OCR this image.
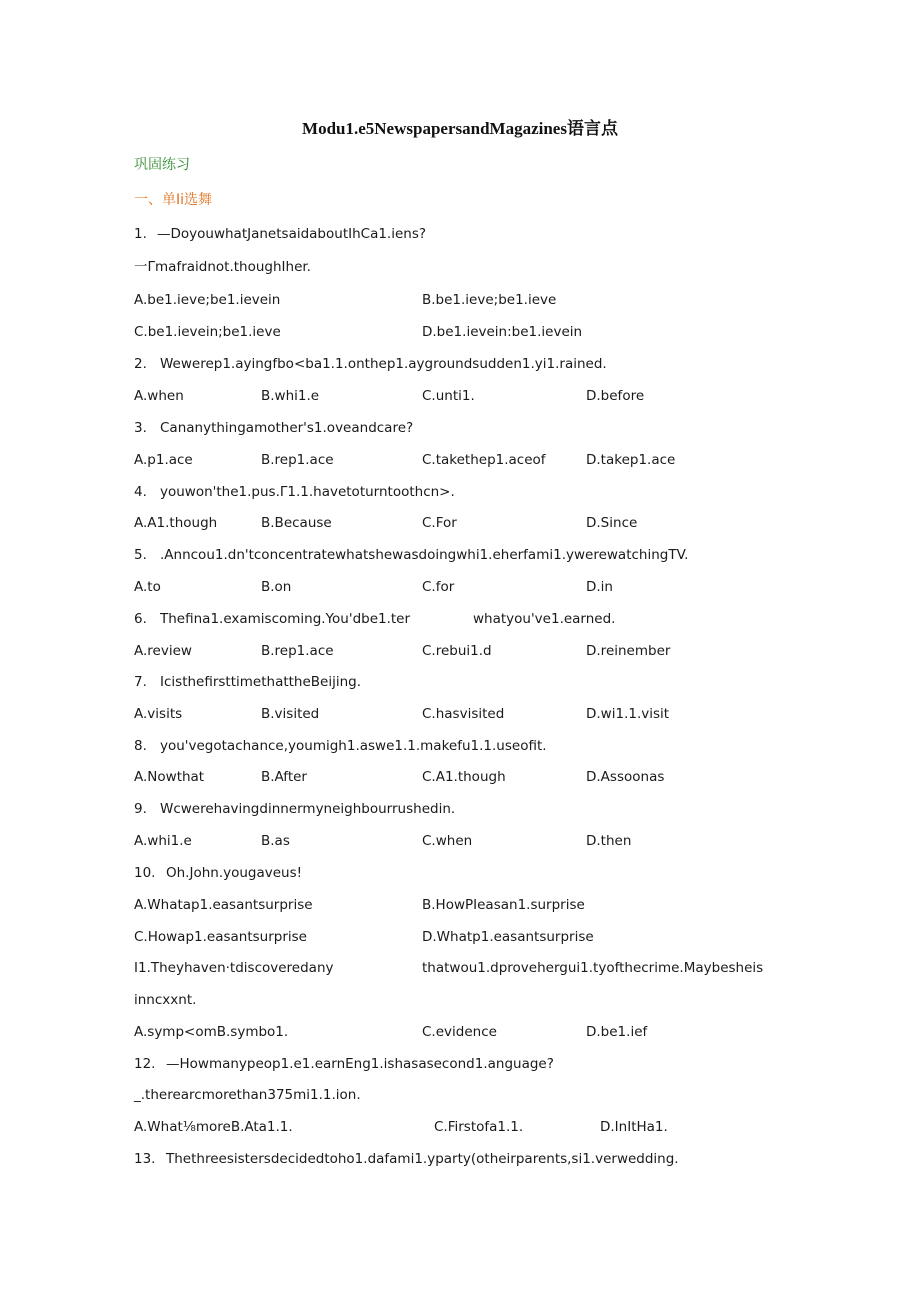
Modu1.e5NewspapersandMagazines语言点
巩固练习
一、单Ii选舞
1. —DoyouwhatJanetsaidaboutIhCa1.iens?
一Γmafraidnot.thoughIher.
A.be1.ieve;be1.ievein	B.be1.ieve;be1.ieve
C.be1.ievein;be1.ieve	D.be1.ievein:be1.ievein
2. Wewerep1.ayingfbo<ba1.1.onthep1.aygroundsudden1.yi1.rained.
A.when	B.whi1.e	C.unti1.	D.before
3. Cananythingamother's1.oveandcare?
A.p1.ace	B.rep1.ace	C.takethep1.aceof	D.takep1.ace
4. youwon'the1.pus.Γ1.1.havetoturntoothcn>.
A.A1.though	B.Because	C.For	D.Since
5. .Anncou1.dn'tconcentratewhatshewasdoingwhi1.eherfami1.ywerewatchingTV.
A.to	B.on	C.for	D.in
6. Thefina1.examiscoming.You'dbe1.ter	whatyou've1.earned.
A.review	B.rep1.ace	C.rebui1.d	D.reinember
7. IcisthefirsttimethattheBeijing.
A.visits	B.visited	C.hasvisited	D.wi1.1.visit
8. you'vegotachance,youmigh1.aswe1.1.makefu1.1.useofit.
A.Nowthat	B.After	C.A1.though	D.Assoonas
9. Wcwerehavingdinnermyneighbourrushedin.
A.whi1.e	B.as	C.when	D.then
10. Oh.John.yougaveus!
A.Whatap1.easantsurprise	B.HowPIeasan1.surprise
C.Howap1.easantsurprise	D.Whatp1.easantsurprise
I1.Theyhaven·tdiscoveredany	thatwou1.dprovehergui1.tyofthecrime.Maybesheis
inncxxnt.
A.symp<omB.symbo1.	C.evidence	D.be1.ief
12. —Howmanypeop1.e1.earnEng1.ishasasecond1.anguage?
_.therearcmorethan375mi1.1.ion.
A.What⅛moreB.Ata1.1.	C.Firstofa1.1.	D.InItHa1.
13. Thethreesistersdecidedtoho1.dafami1.yparty(otheirparents,si1.verwedding.
